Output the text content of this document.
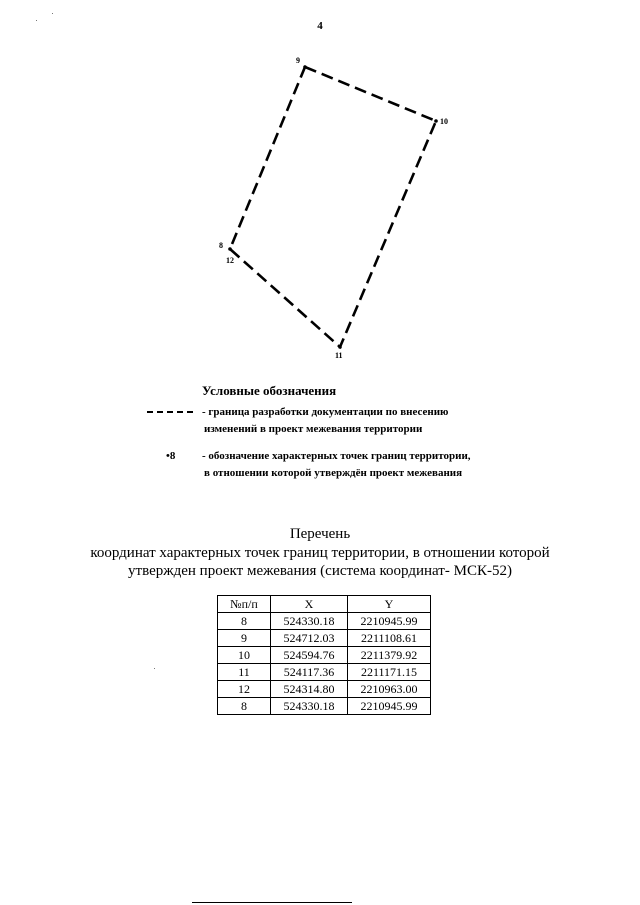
4
9
10
11
8
12
Условные обозначения
- граница разработки документации по внесению
изменений в проект межевания территории
•8 - обозначение характерных точек границ территории,
в отношении которой утверждён проект межевания
Перечень
координат характерных точек границ территории, в отношении которой
утвержден проект межевания (система координат- МСК-52)
№п/п	X	Y
8	524330.18	2210945.99
9	524712.03	2211108.61
10	524594.76	2211379.92
11	524117.36	2211171.15
12	524314.80	2210963.00
8	524330.18	2210945.99
